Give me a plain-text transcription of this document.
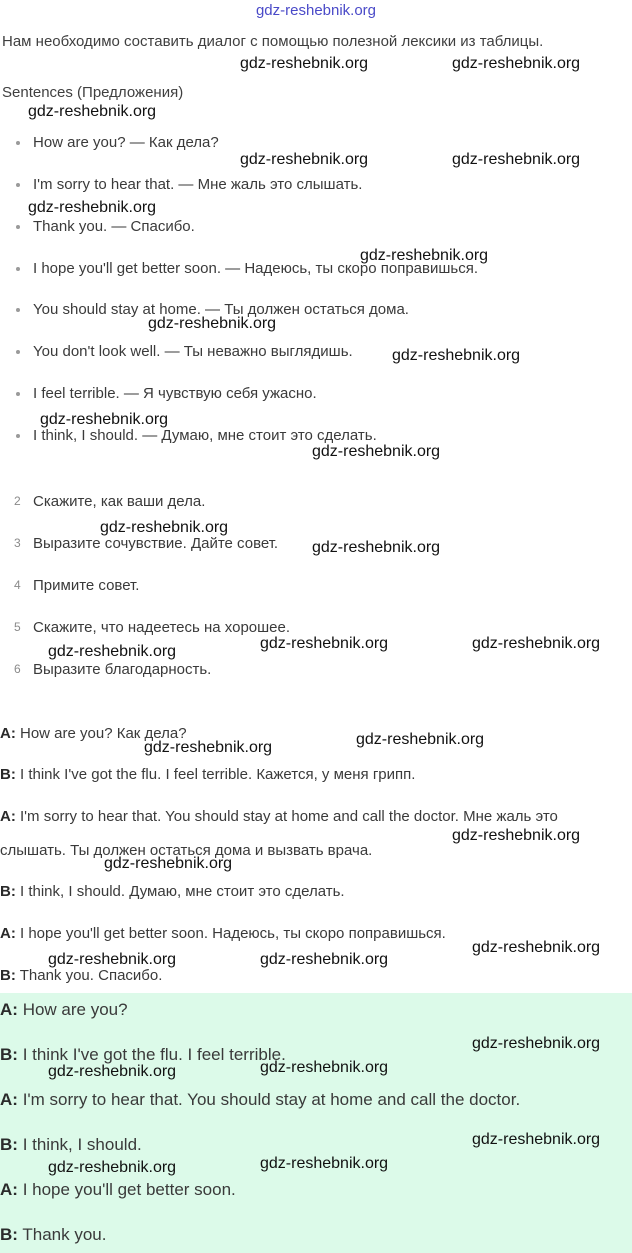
gdz-reshebnik.org
Нам необходимо составить диалог с помощью полезной лексики из таблицы.
Sentences (Предложения)
How are you? — Как дела?
I'm sorry to hear that. — Мне жаль это слышать.
Thank you. — Спасибо.
I hope you'll get better soon. — Надеюсь, ты скоро поправишься.
You should stay at home. — Ты должен остаться дома.
You don't look well. — Ты неважно выглядишь.
I feel terrible. — Я чувствую себя ужасно.
I think, I should. — Думаю, мне стоит это сделать.
2 Скажите, как ваши дела.
3 Выразите сочувствие. Дайте совет.
4 Примите совет.
5 Скажите, что надеетесь на хорошее.
6 Выразите благодарность.
A: How are you? Как дела?
B: I think I've got the flu. I feel terrible. Кажется, у меня грипп.
A: I'm sorry to hear that. You should stay at home and call the doctor. Мне жаль это
слышать. Ты должен остаться дома и вызвать врача.
B: I think, I should. Думаю, мне стоит это сделать.
A: I hope you'll get better soon. Надеюсь, ты скоро поправишься.
B: Thank you. Спасибо.
A: How are you?
B: I think I've got the flu. I feel terrible.
A: I'm sorry to hear that. You should stay at home and call the doctor.
B: I think, I should.
A: I hope you'll get better soon.
B: Thank you.
gdz-reshebnik.org	gdz-reshebnik.org
gdz-reshebnik.org
gdz-reshebnik.org	gdz-reshebnik.org
gdz-reshebnik.org
gdz-reshebnik.org
gdz-reshebnik.org
gdz-reshebnik.org
gdz-reshebnik.org
gdz-reshebnik.org
gdz-reshebnik.org
gdz-reshebnik.org
gdz-reshebnik.org	gdz-reshebnik.org
gdz-reshebnik.org
gdz-reshebnik.org
gdz-reshebnik.org
gdz-reshebnik.org
gdz-reshebnik.org
gdz-reshebnik.org
gdz-reshebnik.org	gdz-reshebnik.org
gdz-reshebnik.org
gdz-reshebnik.org
gdz-reshebnik.org
gdz-reshebnik.org
gdz-reshebnik.org
gdz-reshebnik.org
